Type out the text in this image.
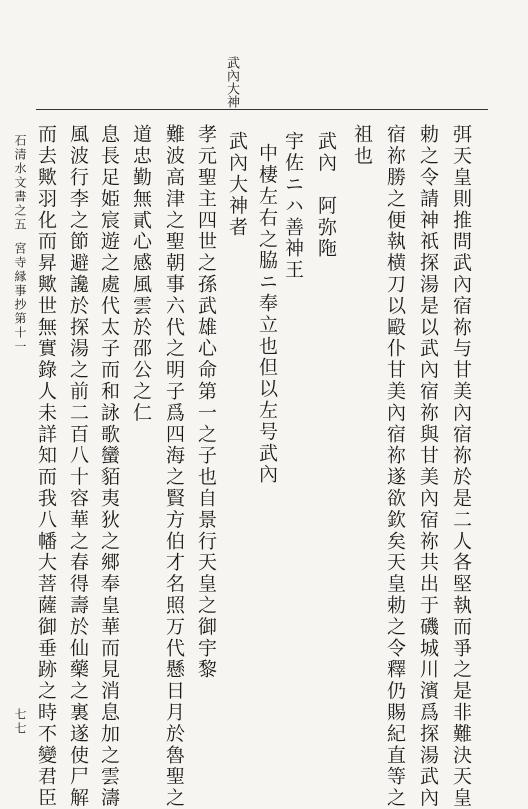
武內大神
弭天皇則推問武內宿祢与甘美內宿祢於是二人各堅執而爭之是非難決天皇
勅之令請神祇探湯是以武內宿祢與甘美內宿祢共出于磯城川濱爲探湯武內
宿祢勝之便執横刀以毆仆甘美內宿祢遂欲欽矣天皇勅之令釋仍賜紀直等之
祖也
武內　阿弥陁
宇佐ニハ善神王
中棲左右之脇ニ奉立也但以左号武內
武內大神者
孝元聖主四世之孫武雄心命第一之子也自景行天皇之御宇黎
難波高津之聖朝事六代之明子爲四海之賢方伯才名照万代懸日月於魯聖之
道忠勤無貳心感風雲於邵公之仁
息長足姫宸遊之處代太子而和詠歌蠻貊夷狄之郷奉皇華而見消息加之雲濤
風波行李之節避讒於探湯之前二百八十容華之春得壽於仙藥之裏遂使尸解
而去歟羽化而昇歟世無實錄人未詳知而我八幡大菩薩御垂跡之時不變君臣
石清水文書之五
宮寺縁事抄第十一
七七
